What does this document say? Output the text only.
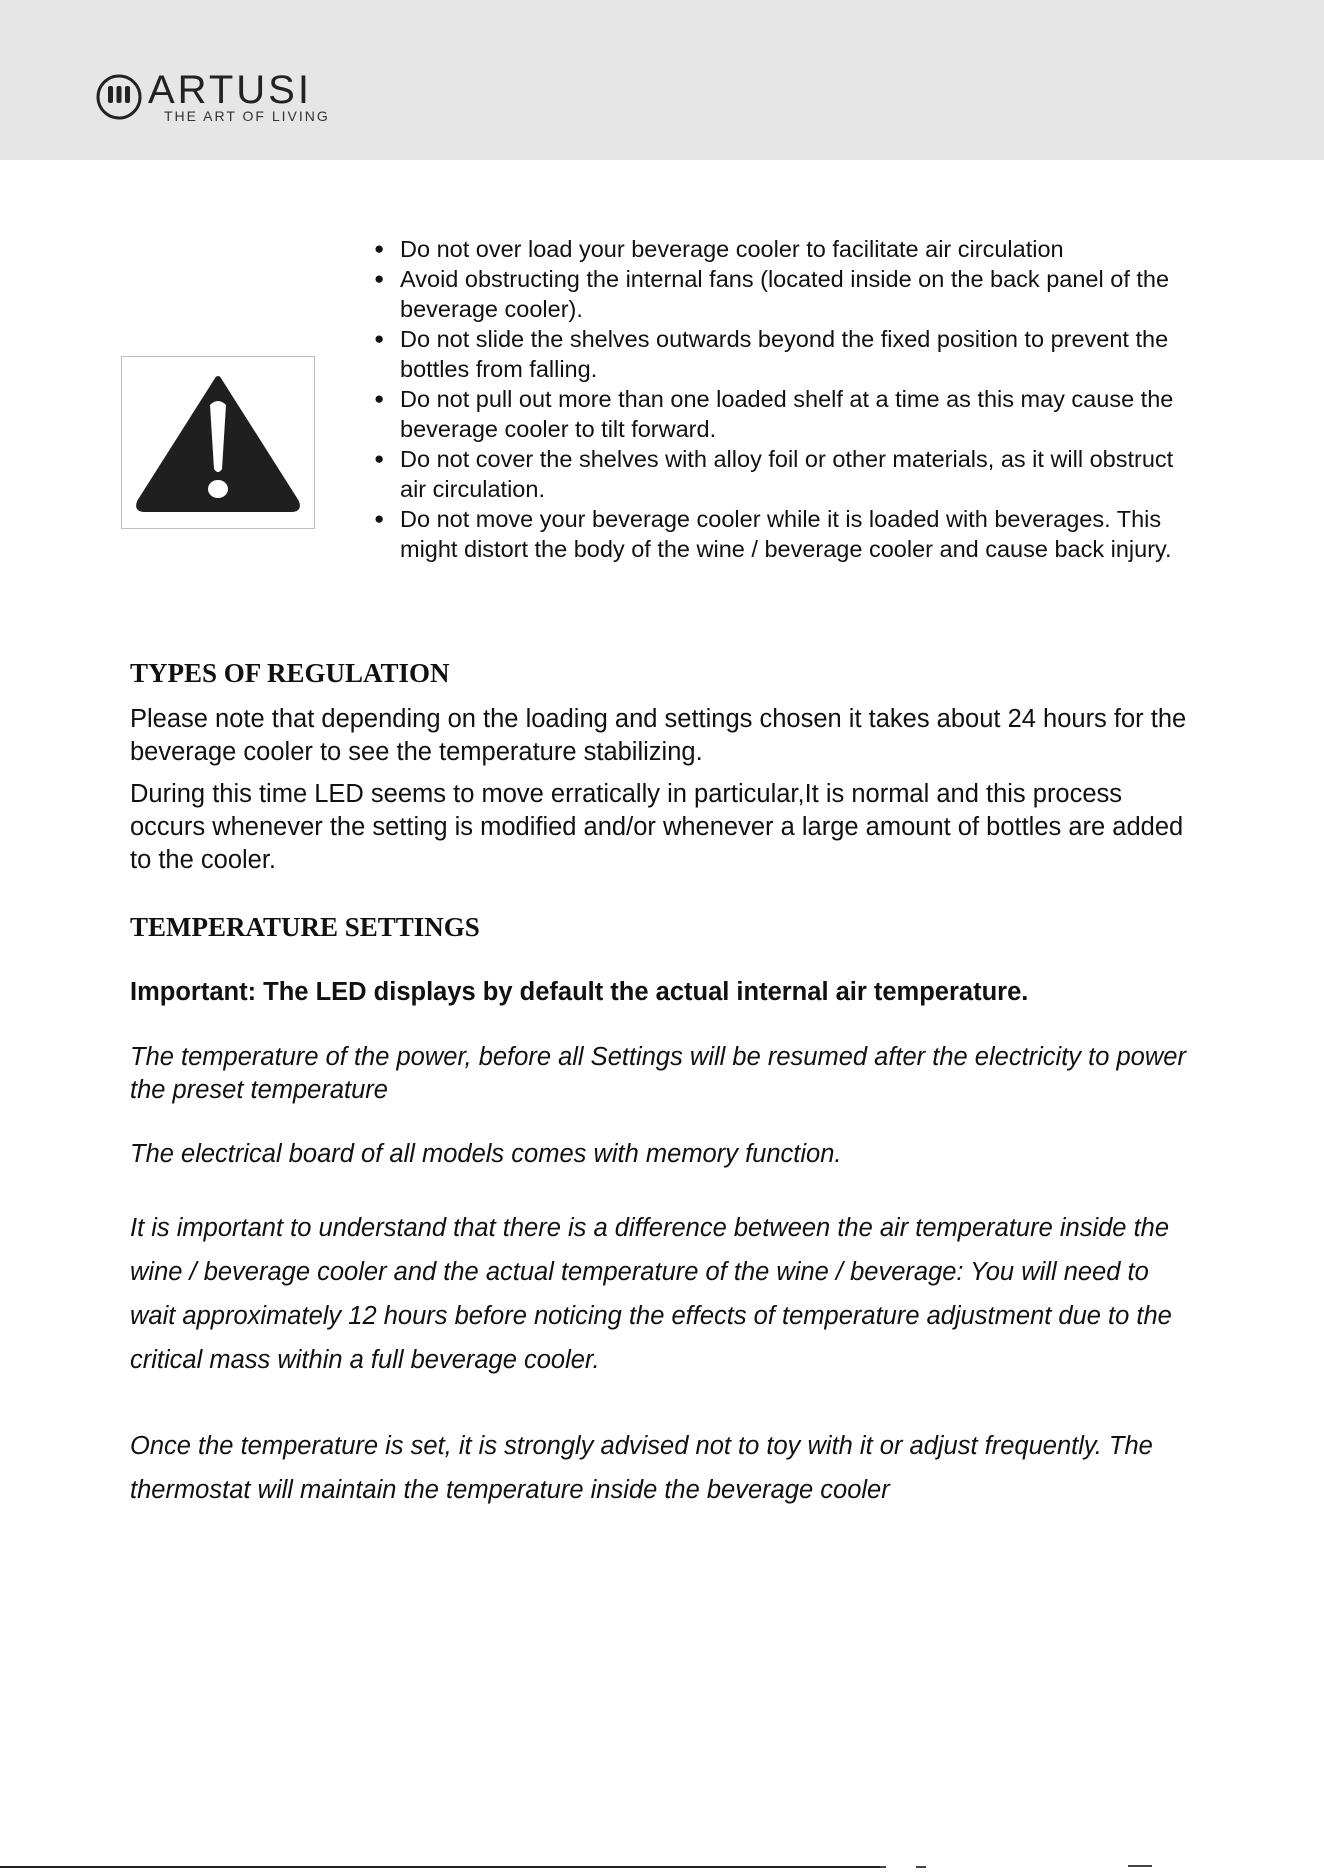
ARTUSI
THE ART OF LIVING
● Do not over load your beverage cooler to facilitate air circulation
● Avoid obstructing the internal fans (located inside on the back panel of the beverage cooler).
● Do not slide the shelves outwards beyond the fixed position to prevent the bottles from falling.
● Do not pull out more than one loaded shelf at a time as this may cause the beverage cooler to tilt forward.
● Do not cover the shelves with alloy foil or other materials, as it will obstruct air circulation.
● Do not move your beverage cooler while it is loaded with beverages. This might distort the body of the wine / beverage cooler and cause back injury.
TYPES OF REGULATION

Please note that depending on the loading and settings chosen it takes about 24 hours for the beverage cooler to see the temperature stabilizing.

During this time LED seems to move erratically in particular,It is normal and this process occurs whenever the setting is modified and/or whenever a large amount of bottles are added to the cooler.

TEMPERATURE SETTINGS

Important: The LED displays by default the actual internal air temperature.

The temperature of the power, before all Settings will be resumed after the electricity to power the preset temperature

The electrical board of all models comes with memory function.

It is important to understand that there is a difference between the air temperature inside the wine / beverage cooler and the actual temperature of the wine / beverage: You will need to wait approximately 12 hours before noticing the effects of temperature adjustment due to the critical mass within a full beverage cooler.

Once the temperature is set, it is strongly advised not to toy with it or adjust frequently. The thermostat will maintain the temperature inside the beverage cooler
